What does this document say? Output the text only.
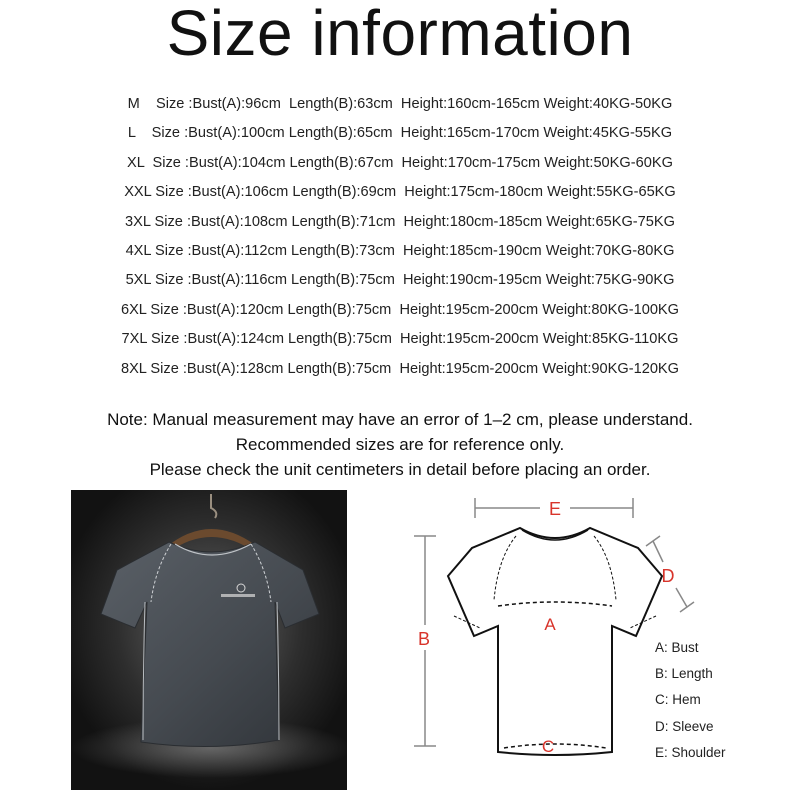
Size information
M    Size :Bust(A):96cm  Length(B):63cm  Height:160cm-165cm Weight:40KG-50KG
L    Size :Bust(A):100cm Length(B):65cm  Height:165cm-170cm Weight:45KG-55KG
XL  Size :Bust(A):104cm Length(B):67cm  Height:170cm-175cm Weight:50KG-60KG
XXL Size :Bust(A):106cm Length(B):69cm  Height:175cm-180cm Weight:55KG-65KG
3XL Size :Bust(A):108cm Length(B):71cm  Height:180cm-185cm Weight:65KG-75KG
4XL Size :Bust(A):112cm Length(B):73cm  Height:185cm-190cm Weight:70KG-80KG
5XL Size :Bust(A):116cm Length(B):75cm  Height:190cm-195cm Weight:75KG-90KG
6XL Size :Bust(A):120cm Length(B):75cm  Height:195cm-200cm Weight:80KG-100KG
7XL Size :Bust(A):124cm Length(B):75cm  Height:195cm-200cm Weight:85KG-110KG
8XL Size :Bust(A):128cm Length(B):75cm  Height:195cm-200cm Weight:90KG-120KG
Note: Manual measurement may have an error of 1–2 cm, please understand.
Recommended sizes are for reference only.
Please check the unit centimeters in detail before placing an order.
E
B
A
C
D
A: Bust
B: Length
C: Hem
D: Sleeve
E: Shoulder
